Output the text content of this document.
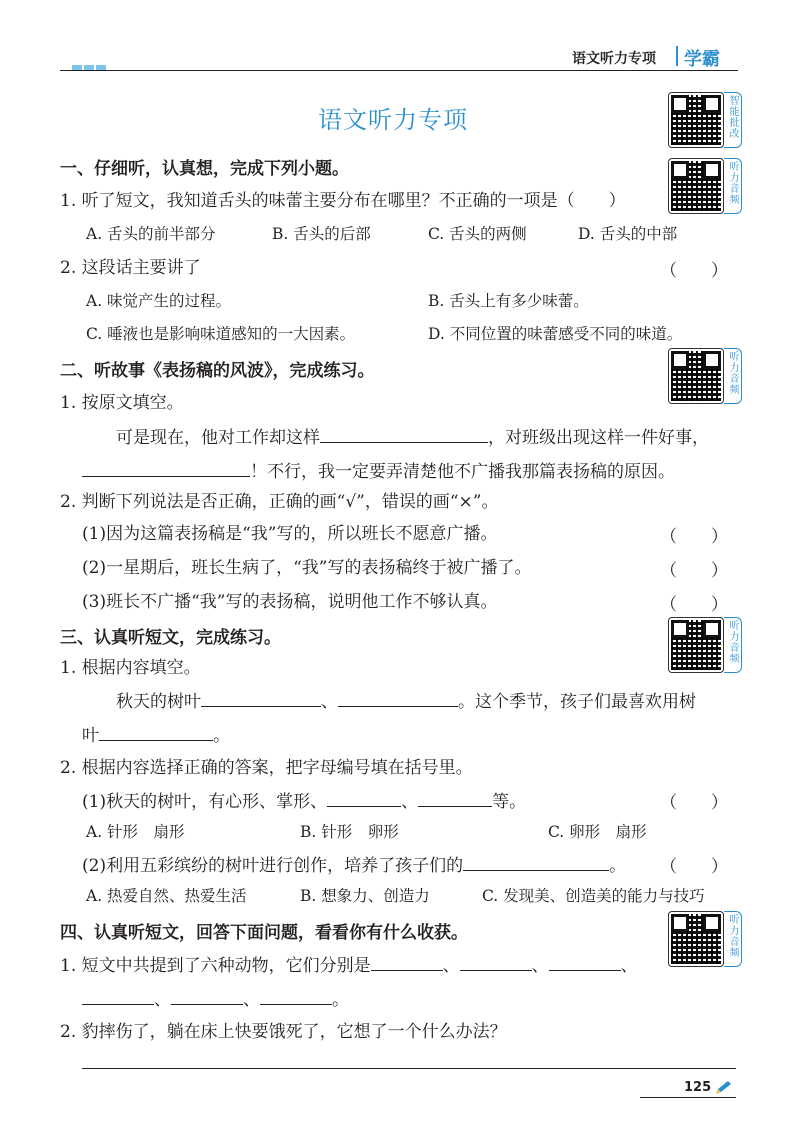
语文听力专项 学霸
语文听力专项	智能批改
听力音频
听力音频
听力音频
听力音频
一、仔细听，认真想，完成下列小题。
1. 听了短文，我知道舌头的味蕾主要分布在哪里？不正确的一项是（　　）
A. 舌头的前半部分	B. 舌头的后部	C. 舌头的两侧	D. 舌头的中部
2. 这段话主要讲了	（　　）
A. 味觉产生的过程。	B. 舌头上有多少味蕾。
C. 唾液也是影响味道感知的一大因素。	D. 不同位置的味蕾感受不同的味道。
二、听故事《表扬稿的风波》，完成练习。
1. 按原文填空。
可是现在，他对工作却这样	，对班级出现这样一件好事，
！不行，我一定要弄清楚他不广播我那篇表扬稿的原因。
2. 判断下列说法是否正确，正确的画“√”，错误的画“×”。
(1)因为这篇表扬稿是“我”写的，所以班长不愿意广播。	（　　）
(2)一星期后，班长生病了，“我”写的表扬稿终于被广播了。	（　　）
(3)班长不广播“我”写的表扬稿，说明他工作不够认真。	（　　）
三、认真听短文，完成练习。
1. 根据内容填空。
秋天的树叶	、	。这个季节，孩子们最喜欢用树
叶	。
2. 根据内容选择正确的答案，把字母编号填在括号里。
(1)秋天的树叶，有心形、掌形、	、	等。	（　　）
A. 针形　扇形	B. 针形　卵形	C. 卵形　扇形
(2)利用五彩缤纷的树叶进行创作，培养了孩子们的	。 （　　）
A. 热爱自然、热爱生活	B. 想象力、创造力	C. 发现美、创造美的能力与技巧
四、认真听短文，回答下面问题，看看你有什么收获。
1. 短文中共提到了六种动物，它们分别是	、	、	、
、	、	。
2. 豹摔伤了，躺在床上快要饿死了，它想了一个什么办法？
125
